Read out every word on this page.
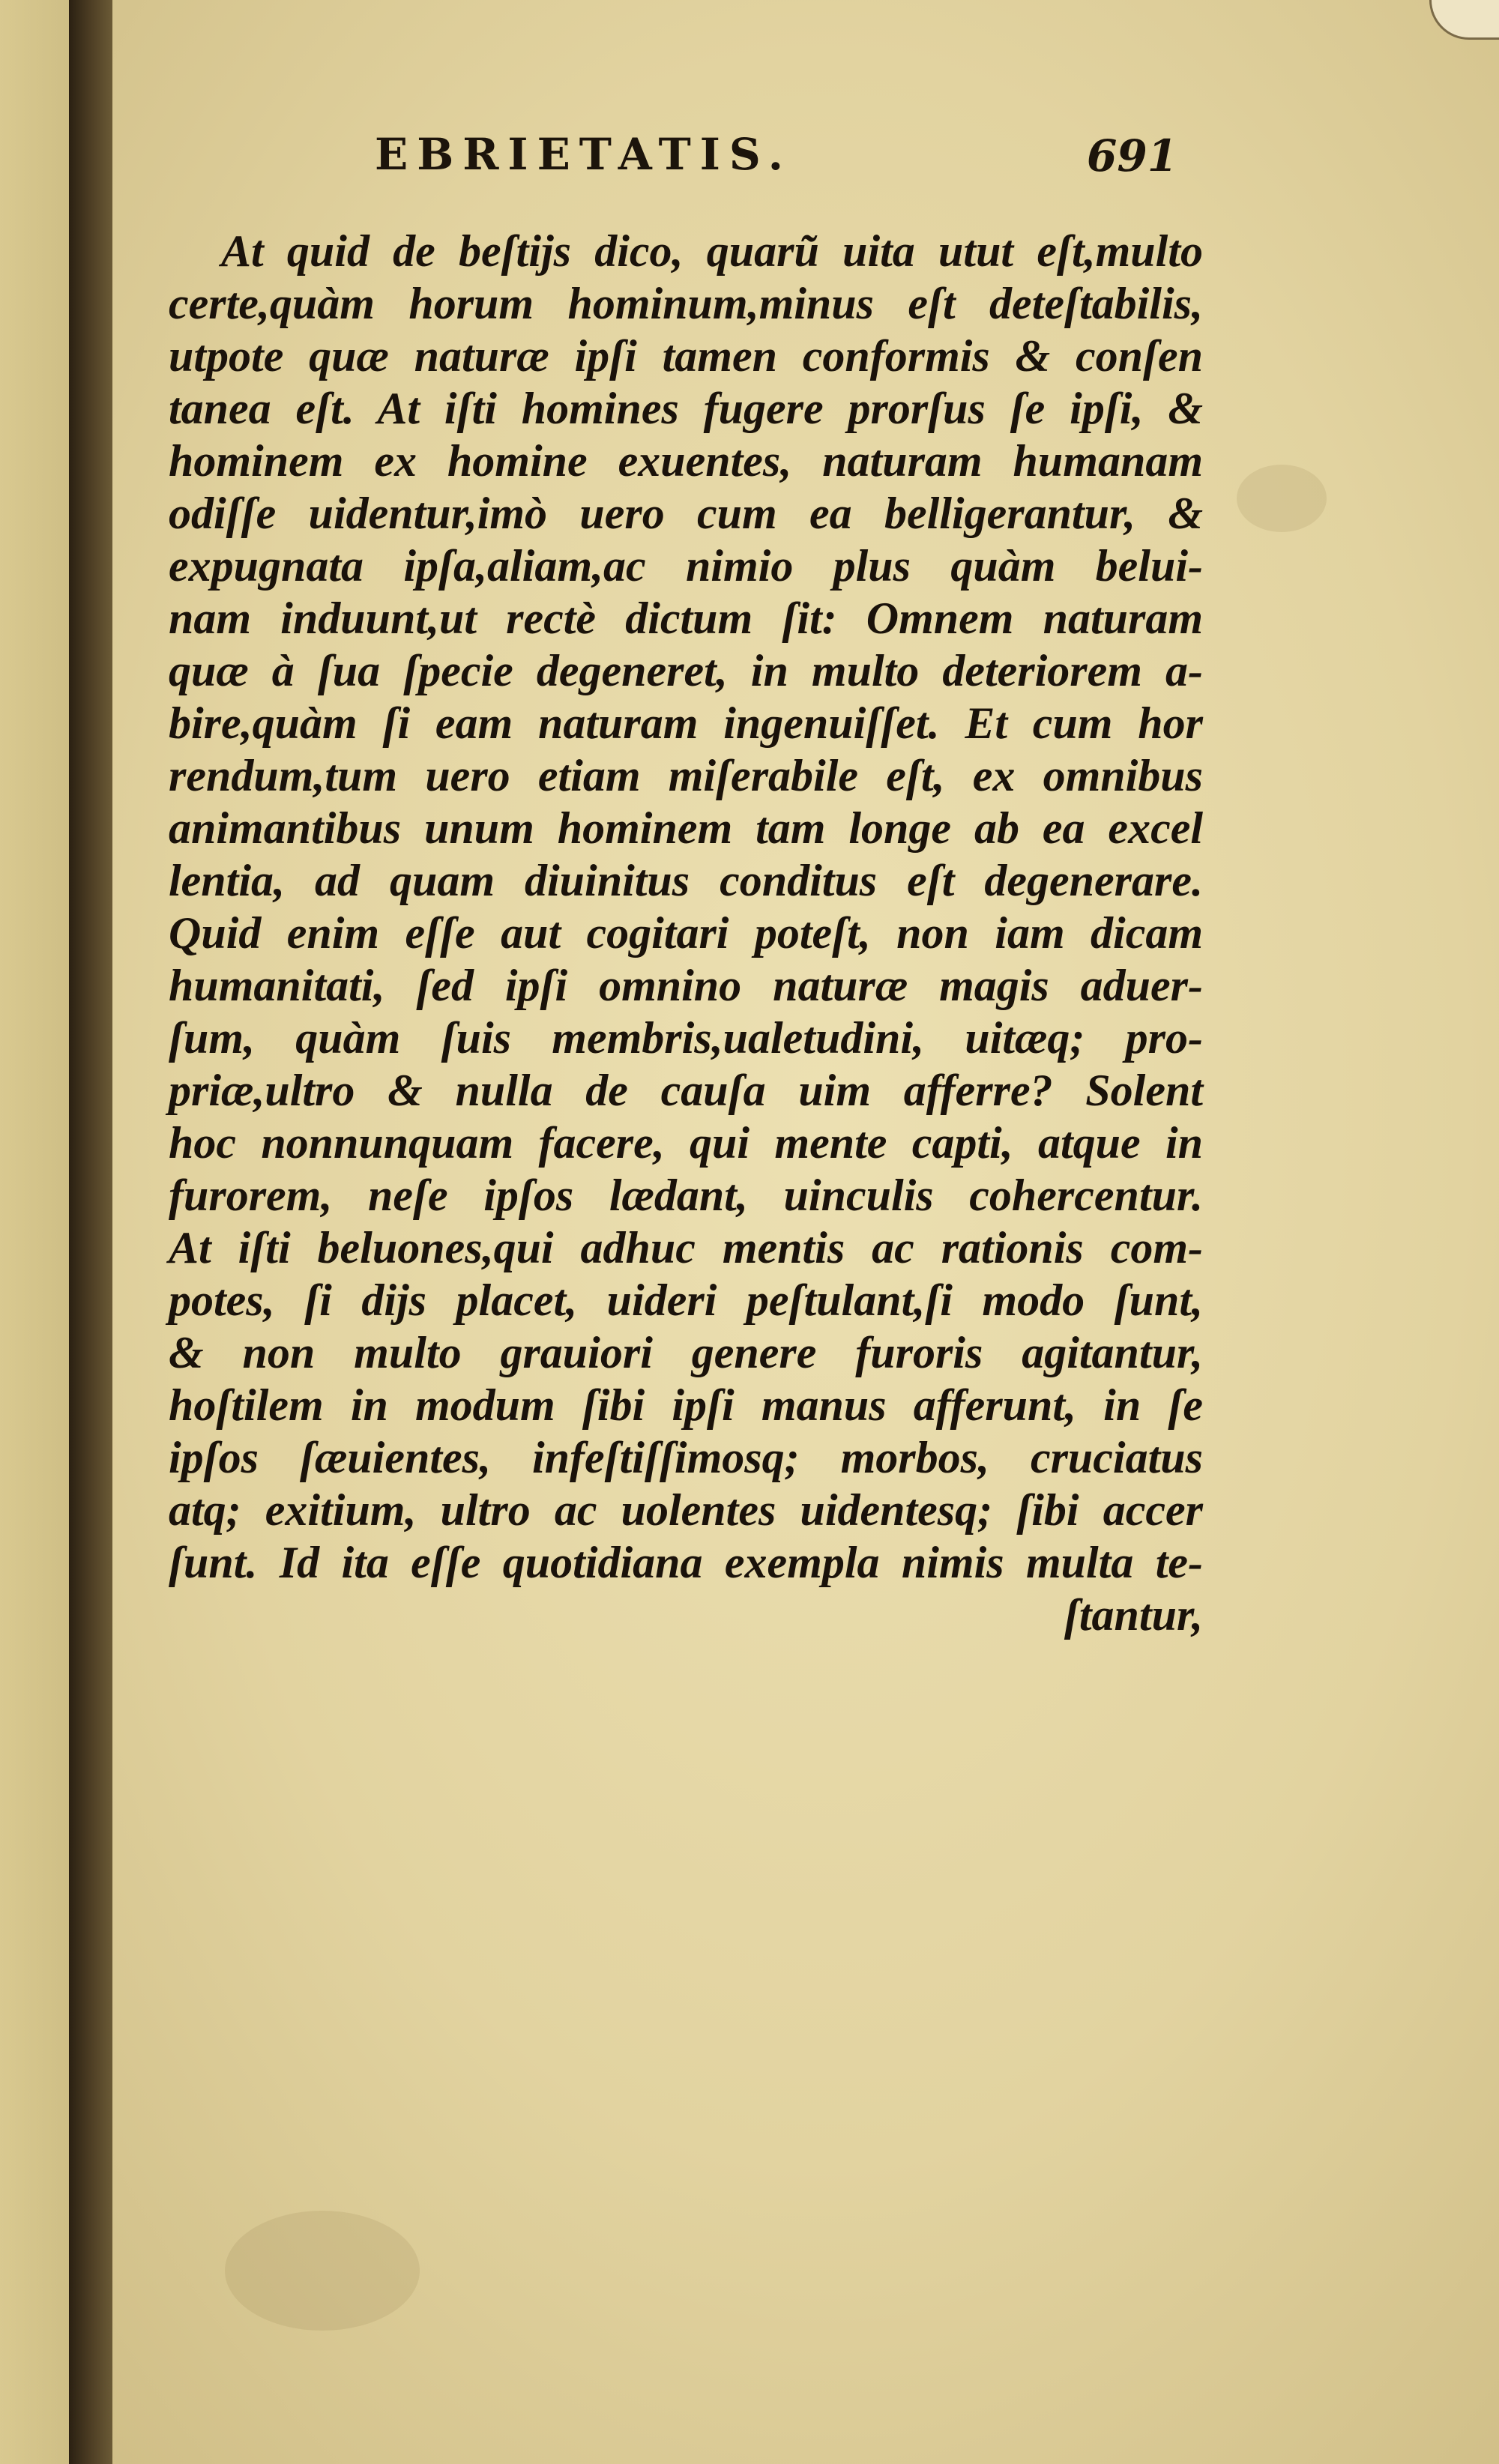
EBRIETATIS.	691
At quid de beſtijs dico, quarũ uita utut eſt,multo
certe,quàm horum hominum,minus eſt deteſtabilis,
utpote quæ naturæ ipſi tamen conformis & conſen
tanea eſt. At iſti homines fugere prorſus ſe ipſi, &
hominem ex homine exuentes, naturam humanam
odiſſe uidentur,imò uero cum ea belligerantur, &
expugnata ipſa,aliam,ac nimio plus quàm belui-
nam induunt,ut rectè dictum ſit: Omnem naturam
quæ à ſua ſpecie degeneret, in multo deteriorem a-
bire,quàm ſi eam naturam ingenuiſſet. Et cum hor
rendum,tum uero etiam miſerabile eſt, ex omnibus
animantibus unum hominem tam longe ab ea excel
lentia, ad quam diuinitus conditus eſt degenerare.
Quid enim eſſe aut cogitari poteſt, non iam dicam
humanitati, ſed ipſi omnino naturæ magis aduer-
ſum, quàm ſuis membris,ualetudini, uitæq; pro-
priæ,ultro & nulla de cauſa uim afferre? Solent
hoc nonnunquam facere, qui mente capti, atque in
furorem, neſe ipſos lædant, uinculis cohercentur.
At iſti beluones,qui adhuc mentis ac rationis com-
potes, ſi dijs placet, uideri peſtulant,ſi modo ſunt,
& non multo grauiori genere furoris agitantur,
hoſtilem in modum ſibi ipſi manus afferunt, in ſe
ipſos ſæuientes, infeſtiſſimosq; morbos, cruciatus
atq; exitium, ultro ac uolentes uidentesq; ſibi accer
ſunt. Id ita eſſe quotidiana exempla nimis multa te-
ſtantur,
